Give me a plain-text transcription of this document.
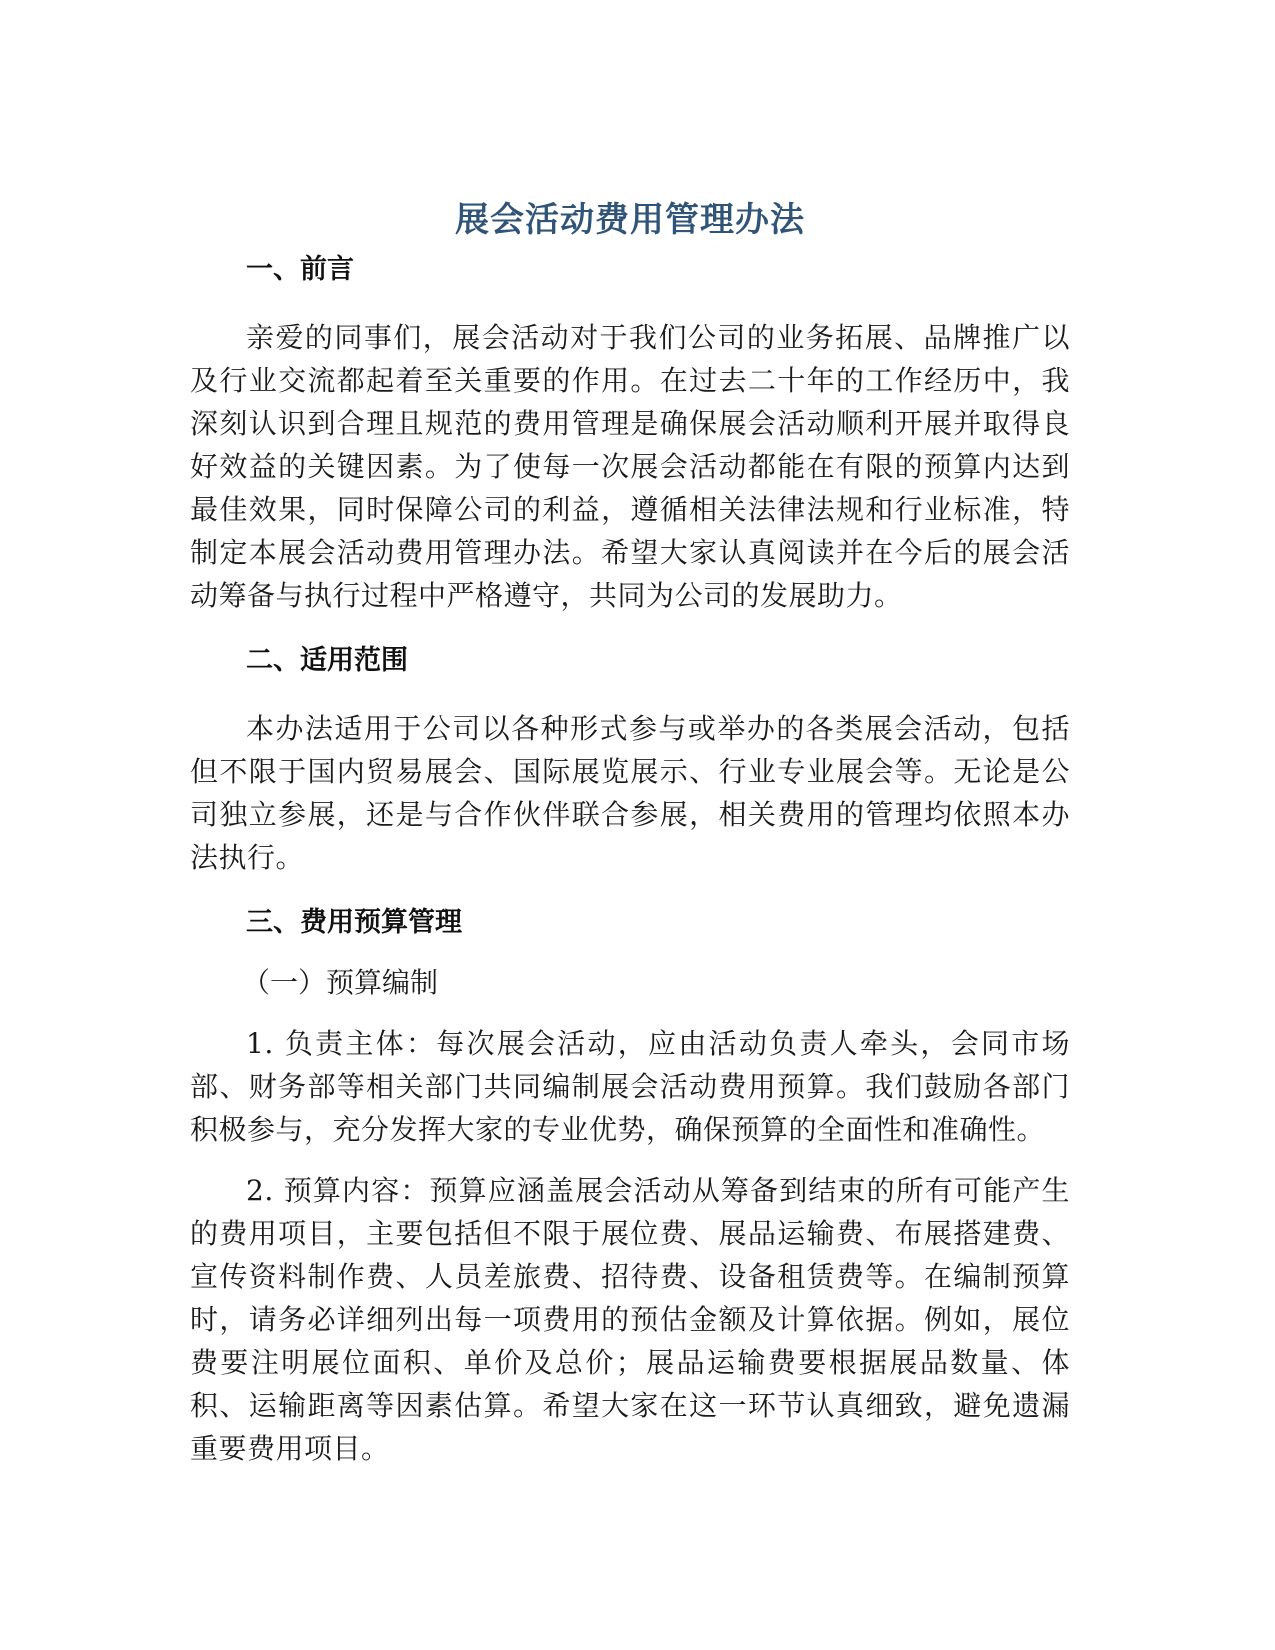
展会活动费用管理办法
一、前言

亲爱的同事们，展会活动对于我们公司的业务拓展、品牌推广以及行业交流都起着至关重要的作用。在过去二十年的工作经历中，我深刻认识到合理且规范的费用管理是确保展会活动顺利开展并取得良好效益的关键因素。为了使每一次展会活动都能在有限的预算内达到最佳效果，同时保障公司的利益，遵循相关法律法规和行业标准，特制定本展会活动费用管理办法。希望大家认真阅读并在今后的展会活动筹备与执行过程中严格遵守，共同为公司的发展助力。

二、适用范围

本办法适用于公司以各种形式参与或举办的各类展会活动，包括但不限于国内贸易展会、国际展览展示、行业专业展会等。无论是公司独立参展，还是与合作伙伴联合参展，相关费用的管理均依照本办法执行。

三、费用预算管理

（一）预算编制

1. 负责主体：每次展会活动，应由活动负责人牵头，会同市场部、财务部等相关部门共同编制展会活动费用预算。我们鼓励各部门积极参与，充分发挥大家的专业优势，确保预算的全面性和准确性。

2. 预算内容：预算应涵盖展会活动从筹备到结束的所有可能产生的费用项目，主要包括但不限于展位费、展品运输费、布展搭建费、宣传资料制作费、人员差旅费、招待费、设备租赁费等。在编制预算时，请务必详细列出每一项费用的预估金额及计算依据。例如，展位费要注明展位面积、单价及总价；展品运输费要根据展品数量、体积、运输距离等因素估算。希望大家在这一环节认真细致，避免遗漏重要费用项目。
